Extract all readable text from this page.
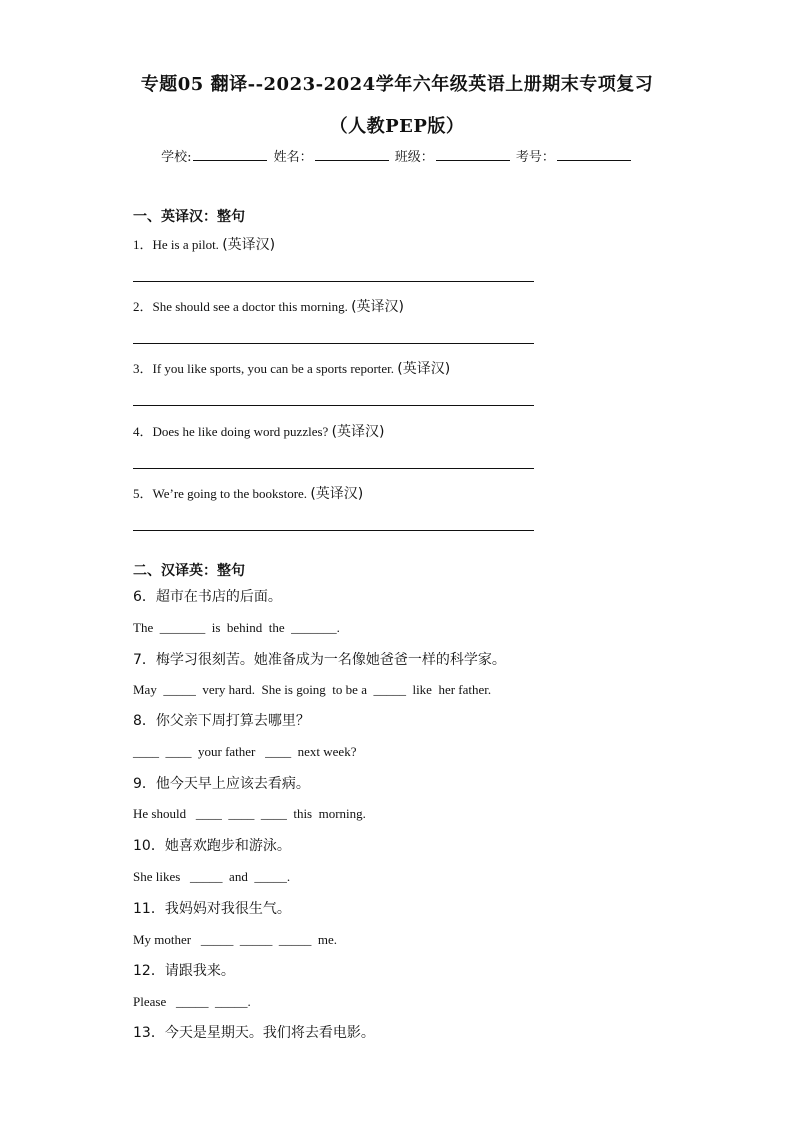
专题05 翻译--2023-2024学年六年级英语上册期末专项复习
（人教PEP版）
学校:	姓名：	班级：	考号：
一、英译汉：整句
1．He is a pilot. (英译汉)
2．She should see a doctor this morning. (英译汉)
3．If you like sports, you can be a sports reporter. (英译汉)
4．Does he like doing word puzzles? (英译汉)
5．We’re going to the bookstore. (英译汉)
二、汉译英：整句
6．超市在书店的后面。
The  _______  is  behind  the  _______.
7．梅学习很刻苦。她准备成为一名像她爸爸一样的科学家。
May  _____  very hard.  She is going  to be a  _____  like  her father.
8．你父亲下周打算去哪里？
____  ____  your father   ____  next week?
9．他今天早上应该去看病。
He should   ____  ____  ____  this  morning.
10．她喜欢跑步和游泳。
She likes   _____  and  _____.
11．我妈妈对我很生气。
My mother   _____  _____  _____  me.
12．请跟我来。
Please   _____  _____.
13．今天是星期天。我们将去看电影。
